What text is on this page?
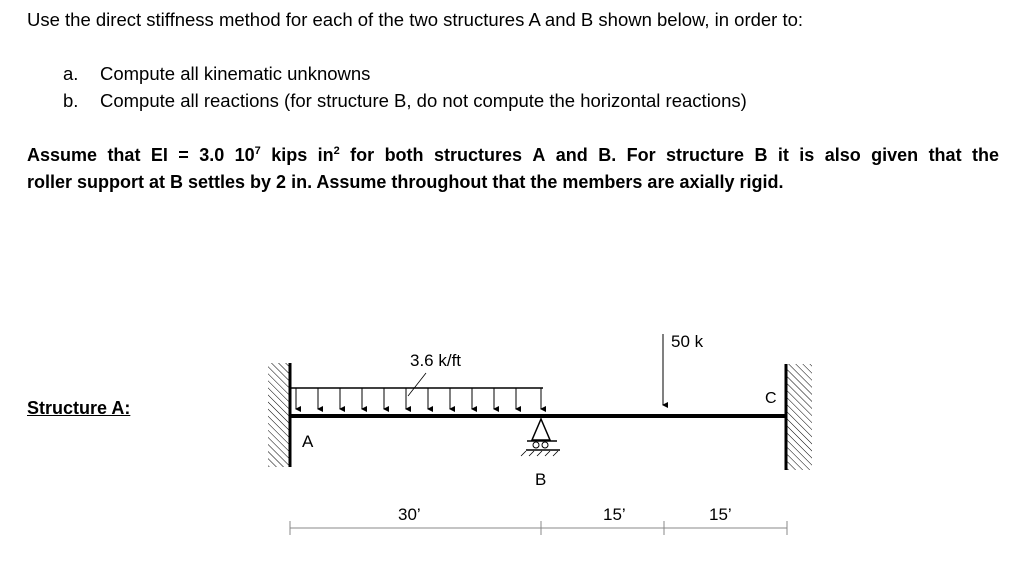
Use the direct stiffness method for each of the two structures A and B shown below, in order to:
a. Compute all kinematic unknowns
b. Compute all reactions (for structure B, do not compute the horizontal reactions)
Assume that EI = 3.0 $10^7$ kips $in^2$ for both structures A and B. For structure B it is also given that the
roller support at B settles by 2 in. Assume throughout that the members are axially rigid.
Structure A:
3.6 k/ft
50 k
A
B
C
30’	15’	15’
